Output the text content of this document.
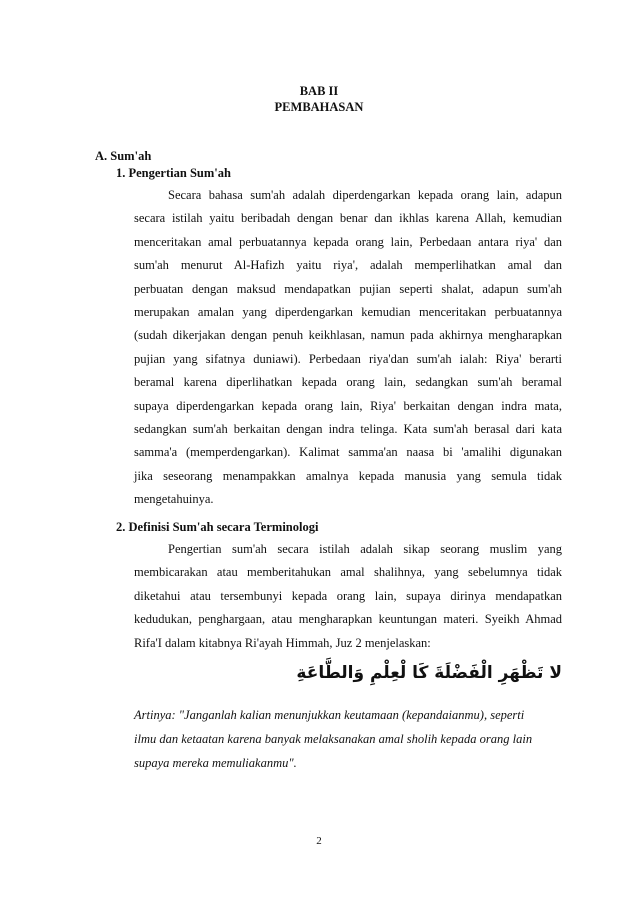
BAB II
PEMBAHASAN
A. Sum'ah
1. Pengertian Sum'ah
Secara bahasa sum'ah adalah diperdengarkan kepada orang lain, adapun
secara istilah yaitu beribadah dengan benar dan ikhlas karena Allah, kemudian
menceritakan amal perbuatannya kepada orang lain, Perbedaan antara riya' dan
sum'ah menurut Al-Hafizh yaitu riya', adalah memperlihatkan amal dan
perbuatan dengan maksud mendapatkan pujian seperti shalat, adapun sum'ah
merupakan amalan yang diperdengarkan kemudian menceritakan perbuatannya
(sudah dikerjakan dengan penuh keikhlasan, namun pada akhirnya mengharapkan
pujian yang sifatnya duniawi). Perbedaan riya'dan sum'ah ialah: Riya' berarti
beramal karena diperlihatkan kepada orang lain, sedangkan sum'ah beramal
supaya diperdengarkan kepada orang lain, Riya' berkaitan dengan indra mata,
sedangkan sum'ah berkaitan dengan indra telinga. Kata sum'ah berasal dari kata
samma'a (memperdengarkan). Kalimat samma'an naasa bi 'amalihi digunakan
jika seseorang menampakkan amalnya kepada manusia yang semula tidak
mengetahuinya.
2. Definisi Sum'ah secara Terminologi
Pengertian sum'ah secara istilah adalah sikap seorang muslim yang
membicarakan atau memberitahukan amal shalihnya, yang sebelumnya tidak
diketahui atau tersembunyi kepada orang lain, supaya dirinya mendapatkan
kedudukan, penghargaan, atau mengharapkan keuntungan materi. Syeikh Ahmad
Rifa'I dalam kitabnya Ri'ayah Himmah, Juz 2 menjelaskan:
لا تَظْهَرِ الْفَضْلَةَ كَا لْعِلْمِ وَالطَّاعَةِ
Artinya: "Janganlah kalian menunjukkan keutamaan (kepandaianmu), seperti
ilmu dan ketaatan karena banyak melaksanakan amal sholih kepada orang lain
supaya mereka memuliakanmu".
2
